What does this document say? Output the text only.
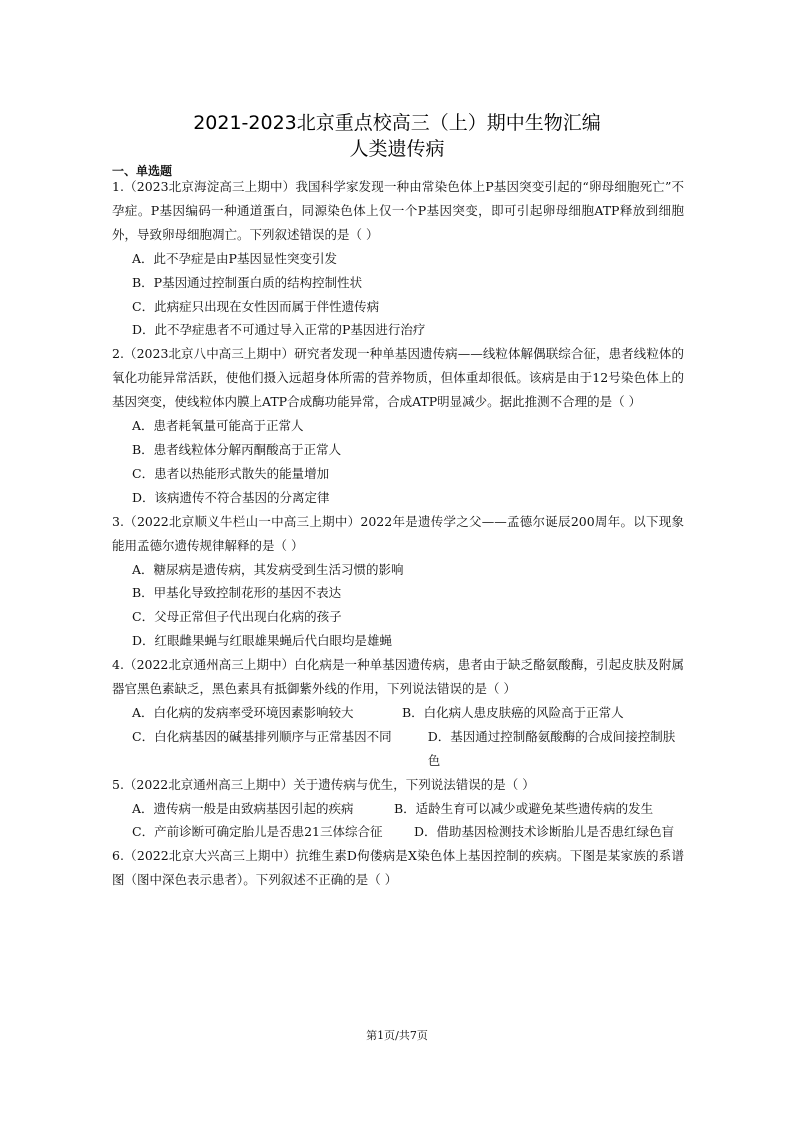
2021-2023北京重点校高三（上）期中生物汇编
人类遗传病
一、单选题

1.（2023北京海淀高三上期中）我国科学家发现一种由常染色体上P基因突变引起的“卵母细胞死亡”不孕症。P基因编码一种通道蛋白，同源染色体上仅一个P基因突变，即可引起卵母细胞ATP释放到细胞外，导致卵母细胞凋亡。下列叙述错误的是（ ）

A．此不孕症是由P基因显性突变引发

B．P基因通过控制蛋白质的结构控制性状

C．此病症只出现在女性因而属于伴性遗传病

D．此不孕症患者不可通过导入正常的P基因进行治疗

2.（2023北京八中高三上期中）研究者发现一种单基因遗传病——线粒体解偶联综合征，患者线粒体的氧化功能异常活跃，使他们摄入远超身体所需的营养物质，但体重却很低。该病是由于12号染色体上的基因突变，使线粒体内膜上ATP合成酶功能异常，合成ATP明显减少。据此推测不合理的是（ ）

A．患者耗氧量可能高于正常人

B．患者线粒体分解丙酮酸高于正常人

C．患者以热能形式散失的能量增加

D．该病遗传不符合基因的分离定律

3.（2022北京顺义牛栏山一中高三上期中）2022年是遗传学之父——孟德尔诞辰200周年。以下现象能用孟德尔遗传规律解释的是（ ）

A．糖尿病是遗传病，其发病受到生活习惯的影响

B．甲基化导致控制花形的基因不表达

C．父母正常但子代出现白化病的孩子

D．红眼雌果蝇与红眼雄果蝇后代白眼均是雄蝇

4.（2022北京通州高三上期中）白化病是一种单基因遗传病，患者由于缺乏酪氨酸酶，引起皮肤及附属器官黑色素缺乏，黑色素具有抵御紫外线的作用，下列说法错误的是（ ）

A．白化病的发病率受环境因素影响较大	B．白化病人患皮肤癌的风险高于正常人
C．白化病基因的碱基排列顺序与正常基因不同	D．基因通过控制酪氨酸酶的合成间接控制肤色

5.（2022北京通州高三上期中）关于遗传病与优生，下列说法错误的是（ ）

A．遗传病一般是由致病基因引起的疾病	B．适龄生育可以减少或避免某些遗传病的发生
C．产前诊断可确定胎儿是否患21三体综合征	D．借助基因检测技术诊断胎儿是否患红绿色盲

6.（2022北京大兴高三上期中）抗维生素D佝偻病是X染色体上基因控制的疾病。下图是某家族的系谱图（图中深色表示患者）。下列叙述不正确的是（ ）

第1页/共7页
